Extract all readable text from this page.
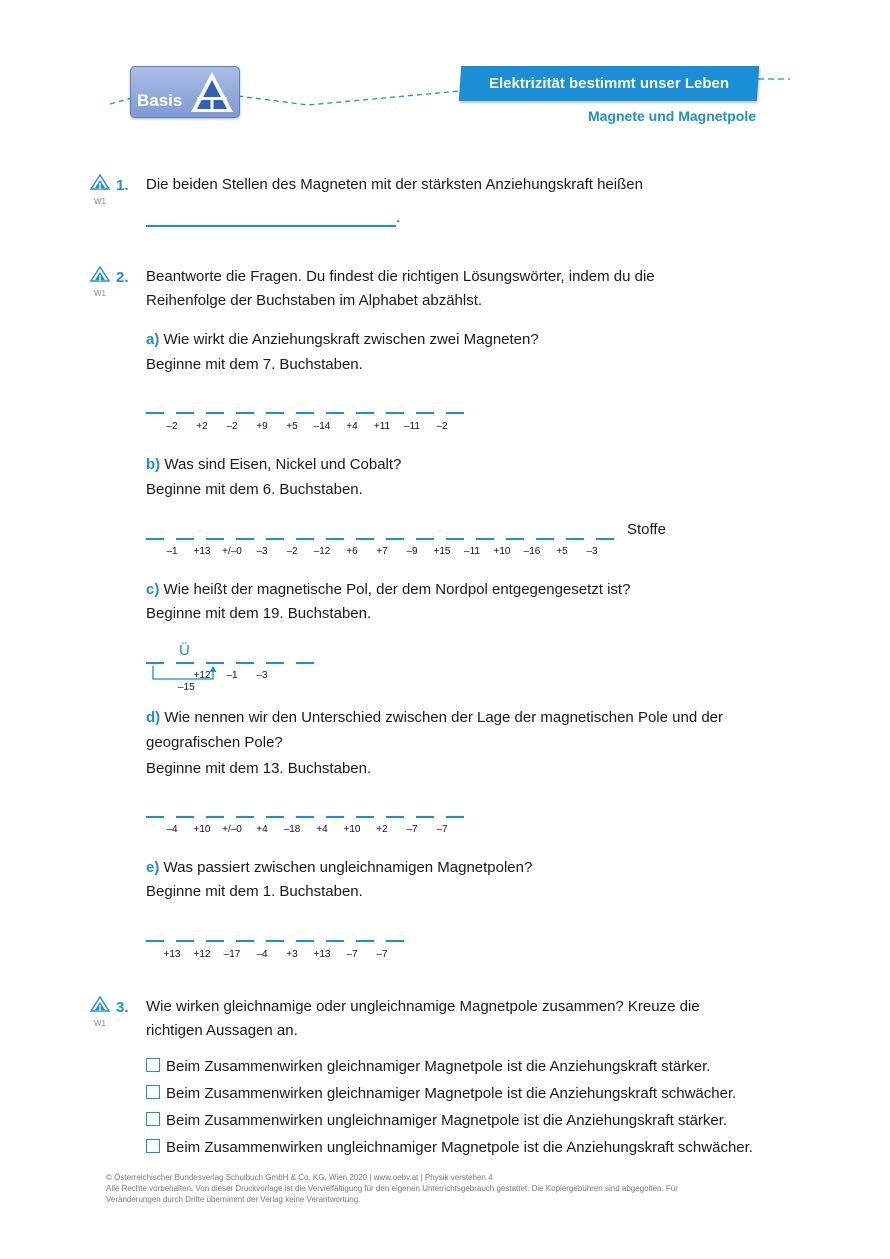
Basis
Elektrizität bestimmt unser Leben
Magnete und Magnetpole
W1
1. Die beiden Stellen des Magneten mit der stärksten Anziehungskraft heißen
.
W1
2. Beantworte die Fragen. Du findest die richtigen Lösungswörter, indem du die
Reihenfolge der Buchstaben im Alphabet abzählst.
a) Wie wirkt die Anziehungskraft zwischen zwei Magneten?
Beginne mit dem 7. Buchstaben.
–2 +2 –2 +9 +5 –14 +4 +11 –11 –2
b) Was sind Eisen, Nickel und Cobalt?
Beginne mit dem 6. Buchstaben.
Stoffe
–1 +13 +/–0 –3 –2 –12 +6 +7 –9 +15 –11 +10 –16 +5 –3
c) Wie heißt der magnetische Pol, der dem Nordpol entgegengesetzt ist?
Beginne mit dem 19. Buchstaben.
Ü
–15
+12 –1 –3
d) Wie nennen wir den Unterschied zwischen der Lage der magnetischen Pole und der
geografischen Pole?
Beginne mit dem 13. Buchstaben.
–4 +10 +/–0 +4 –18 +4 +10 +2 –7 –7
e) Was passiert zwischen ungleichnamigen Magnetpolen?
Beginne mit dem 1. Buchstaben.
+13 +12 –17 –4 +3 +13 –7 –7
W1
3. Wie wirken gleichnamige oder ungleichnamige Magnetpole zusammen? Kreuze die
richtigen Aussagen an.
Beim Zusammenwirken gleichnamiger Magnetpole ist die Anziehungskraft stärker.
Beim Zusammenwirken gleichnamiger Magnetpole ist die Anziehungskraft schwächer.
Beim Zusammenwirken ungleichnamiger Magnetpole ist die Anziehungskraft stärker.
Beim Zusammenwirken ungleichnamiger Magnetpole ist die Anziehungskraft schwächer.
© Österreichischer Bundesverlag Schulbuch GmbH & Co. KG, Wien 2020 | www.oebv.at | Physik verstehen 4
Alle Rechte vorbehalten. Von dieser Druckvorlage ist die Vervielfältigung für den eigenen Unterrichtsgebrauch gestattet. Die Kopiergebühren sind abgegolten. Für
Veränderungen durch Dritte übernimmt der Verlag keine Verantwortung.
